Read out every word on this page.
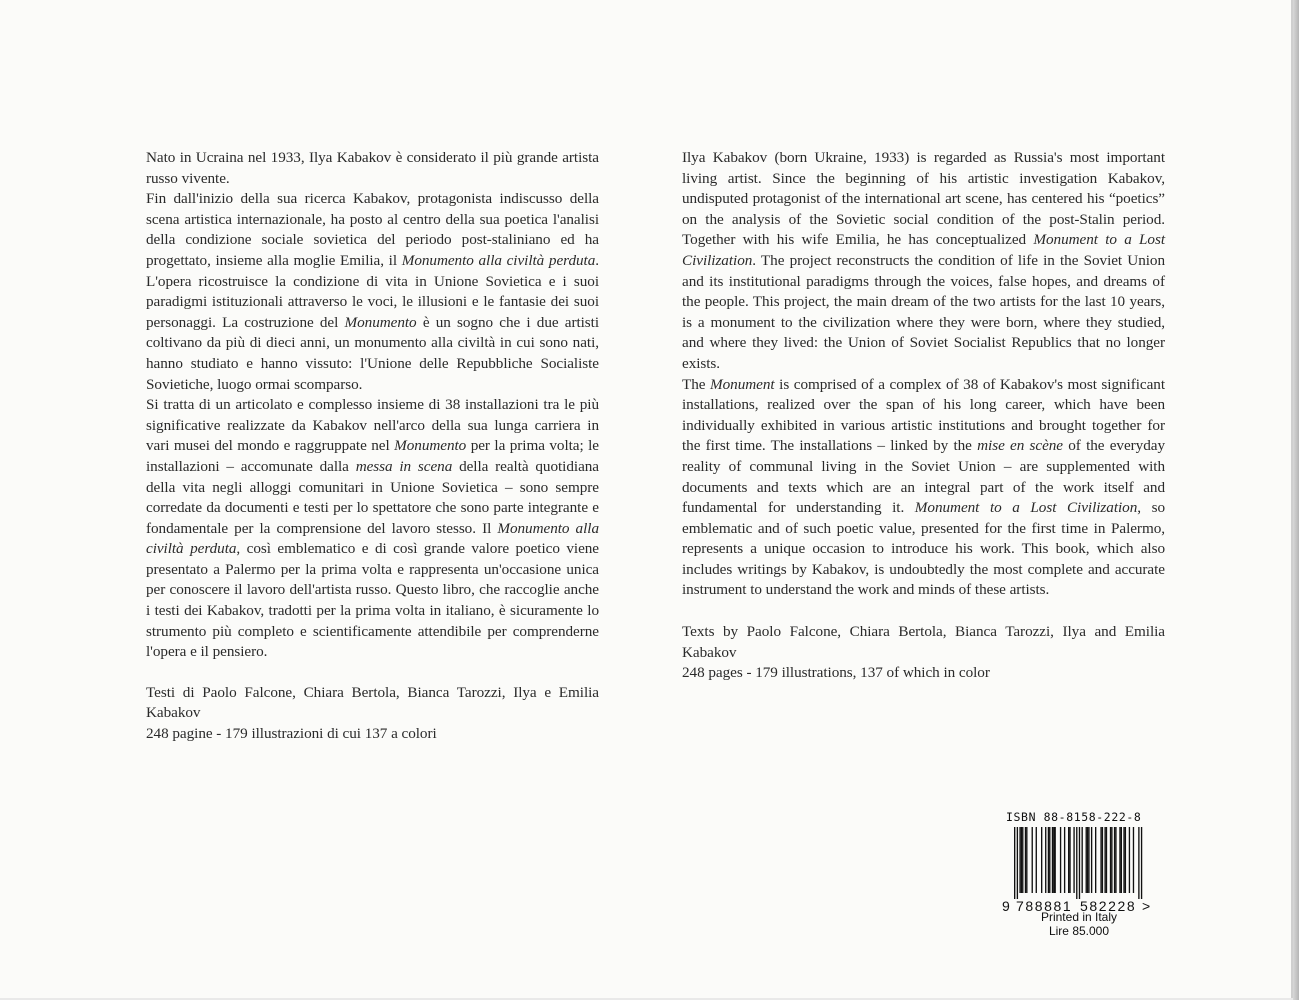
Nato in Ucraina nel 1933, Ilya Kabakov è considerato il più grande artista russo vivente.

Fin dall'inizio della sua ricerca Kabakov, protagonista indiscusso della scena artistica internazionale, ha posto al centro della sua poetica l'analisi della condizione sociale sovietica del periodo post-staliniano ed ha progettato, insieme alla moglie Emilia, il Monumento alla civiltà perduta. L'opera ricostruisce la condizione di vita in Unione Sovietica e i suoi paradigmi istituzionali attraverso le voci, le illusioni e le fantasie dei suoi personaggi. La costruzione del Monumento è un sogno che i due artisti coltivano da più di dieci anni, un monumento alla civiltà in cui sono nati, hanno studiato e hanno vissuto: l'Unione delle Repubbliche Socialiste Sovietiche, luogo ormai scomparso.

Si tratta di un articolato e complesso insieme di 38 installazioni tra le più significative realizzate da Kabakov nell'arco della sua lunga carriera in vari musei del mondo e raggruppate nel Monumento per la prima volta; le installazioni – accomunate dalla messa in scena della realtà quotidiana della vita negli alloggi comunitari in Unione Sovietica – sono sempre corredate da documenti e testi per lo spettatore che sono parte integrante e fondamentale per la comprensione del lavoro stesso. Il Monumento alla civiltà perduta, così emblematico e di così grande valore poetico viene presentato a Palermo per la prima volta e rappresenta un'occasione unica per conoscere il lavoro dell'artista russo. Questo libro, che raccoglie anche i testi dei Kabakov, tradotti per la prima volta in italiano, è sicuramente lo strumento più completo e scientificamente attendibile per comprenderne l'opera e il pensiero.

Testi di Paolo Falcone, Chiara Bertola, Bianca Tarozzi, Ilya e Emilia Kabakov
248 pagine - 179 illustrazioni di cui 137 a colori

Ilya Kabakov (born Ukraine, 1933) is regarded as Russia's most important living artist. Since the beginning of his artistic investigation Kabakov, undisputed protagonist of the international art scene, has centered his “poetics” on the analysis of the Sovietic social condition of the post-Stalin period. Together with his wife Emilia, he has conceptualized Monument to a Lost Civilization. The project reconstructs the condition of life in the Soviet Union and its institutional paradigms through the voices, false hopes, and dreams of the people. This project, the main dream of the two artists for the last 10 years, is a monument to the civilization where they were born, where they studied, and where they lived: the Union of Soviet Socialist Republics that no longer exists.

The Monument is comprised of a complex of 38 of Kabakov's most significant installations, realized over the span of his long career, which have been individually exhibited in various artistic institutions and brought together for the first time. The installations – linked by the mise en scène of the everyday reality of communal living in the Soviet Union – are supplemented with documents and texts which are an integral part of the work itself and fundamental for understanding it. Monument to a Lost Civilization, so emblematic and of such poetic value, presented for the first time in Palermo, represents a unique occasion to introduce his work. This book, which also includes writings by Kabakov, is undoubtedly the most complete and accurate instrument to understand the work and minds of these artists.

Texts by Paolo Falcone, Chiara Bertola, Bianca Tarozzi, Ilya and Emilia Kabakov
248 pages - 179 illustrations, 137 of which in color

ISBN 88-8158-222-8
9 788881 582228 >
Printed in Italy
Lire 85.000
